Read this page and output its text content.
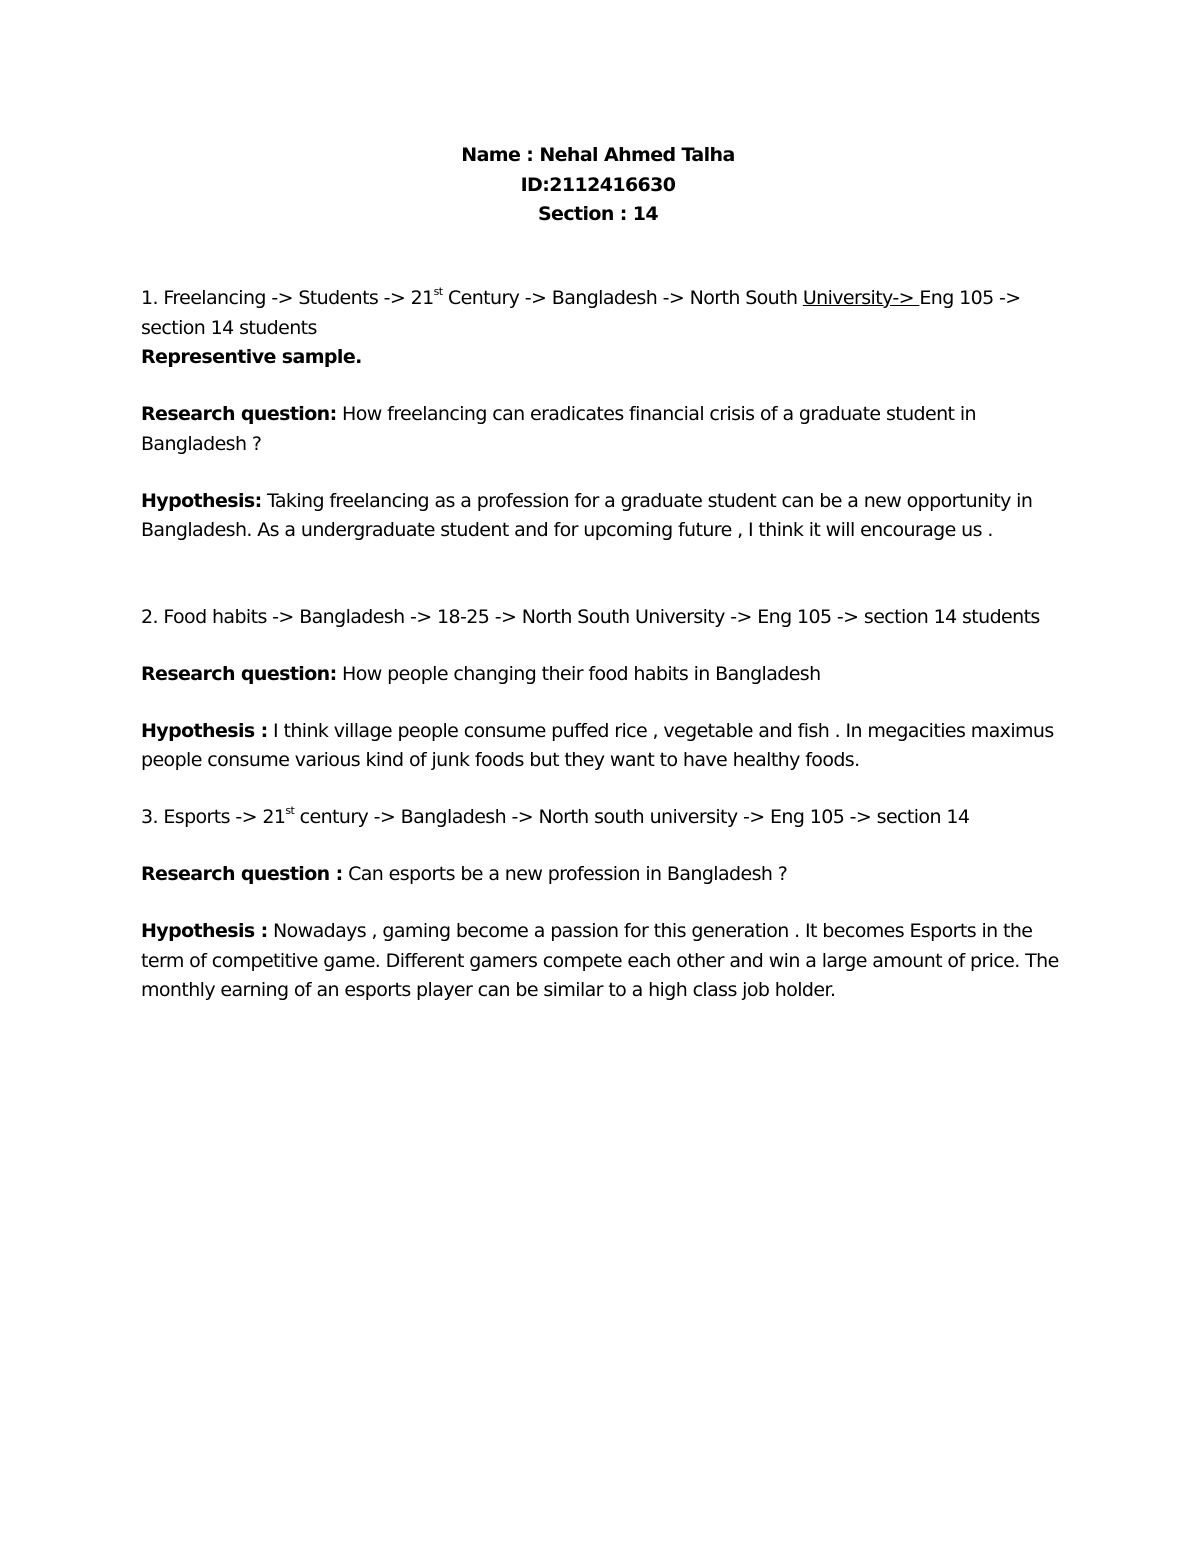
Name : Nehal Ahmed Talha
ID:2112416630
Section : 14

1. Freelancing -> Students -> 21st Century -> Bangladesh -> North South University-> Eng 105 -> section 14 students

Representive sample.

Research question: How freelancing can eradicates financial crisis of a graduate student in Bangladesh ?

Hypothesis: Taking freelancing as a profession for a graduate student can be a new opportunity in Bangladesh. As a undergraduate student and for upcoming future , I think it will encourage us .

2. Food habits -> Bangladesh -> 18-25 -> North South University -> Eng 105 -> section 14 students

Research question: How people changing their food habits in Bangladesh

Hypothesis : I think village people consume puffed rice , vegetable and fish . In megacities maximus people consume various kind of junk foods but they want to have healthy foods.

3. Esports -> 21st century -> Bangladesh -> North south university -> Eng 105 -> section 14

Research question : Can esports be a new profession in Bangladesh ?

Hypothesis : Nowadays , gaming become a passion for this generation . It becomes Esports in the term of competitive game. Different gamers compete each other and win a large amount of price. The monthly earning of an esports player can be similar to a high class job holder.
